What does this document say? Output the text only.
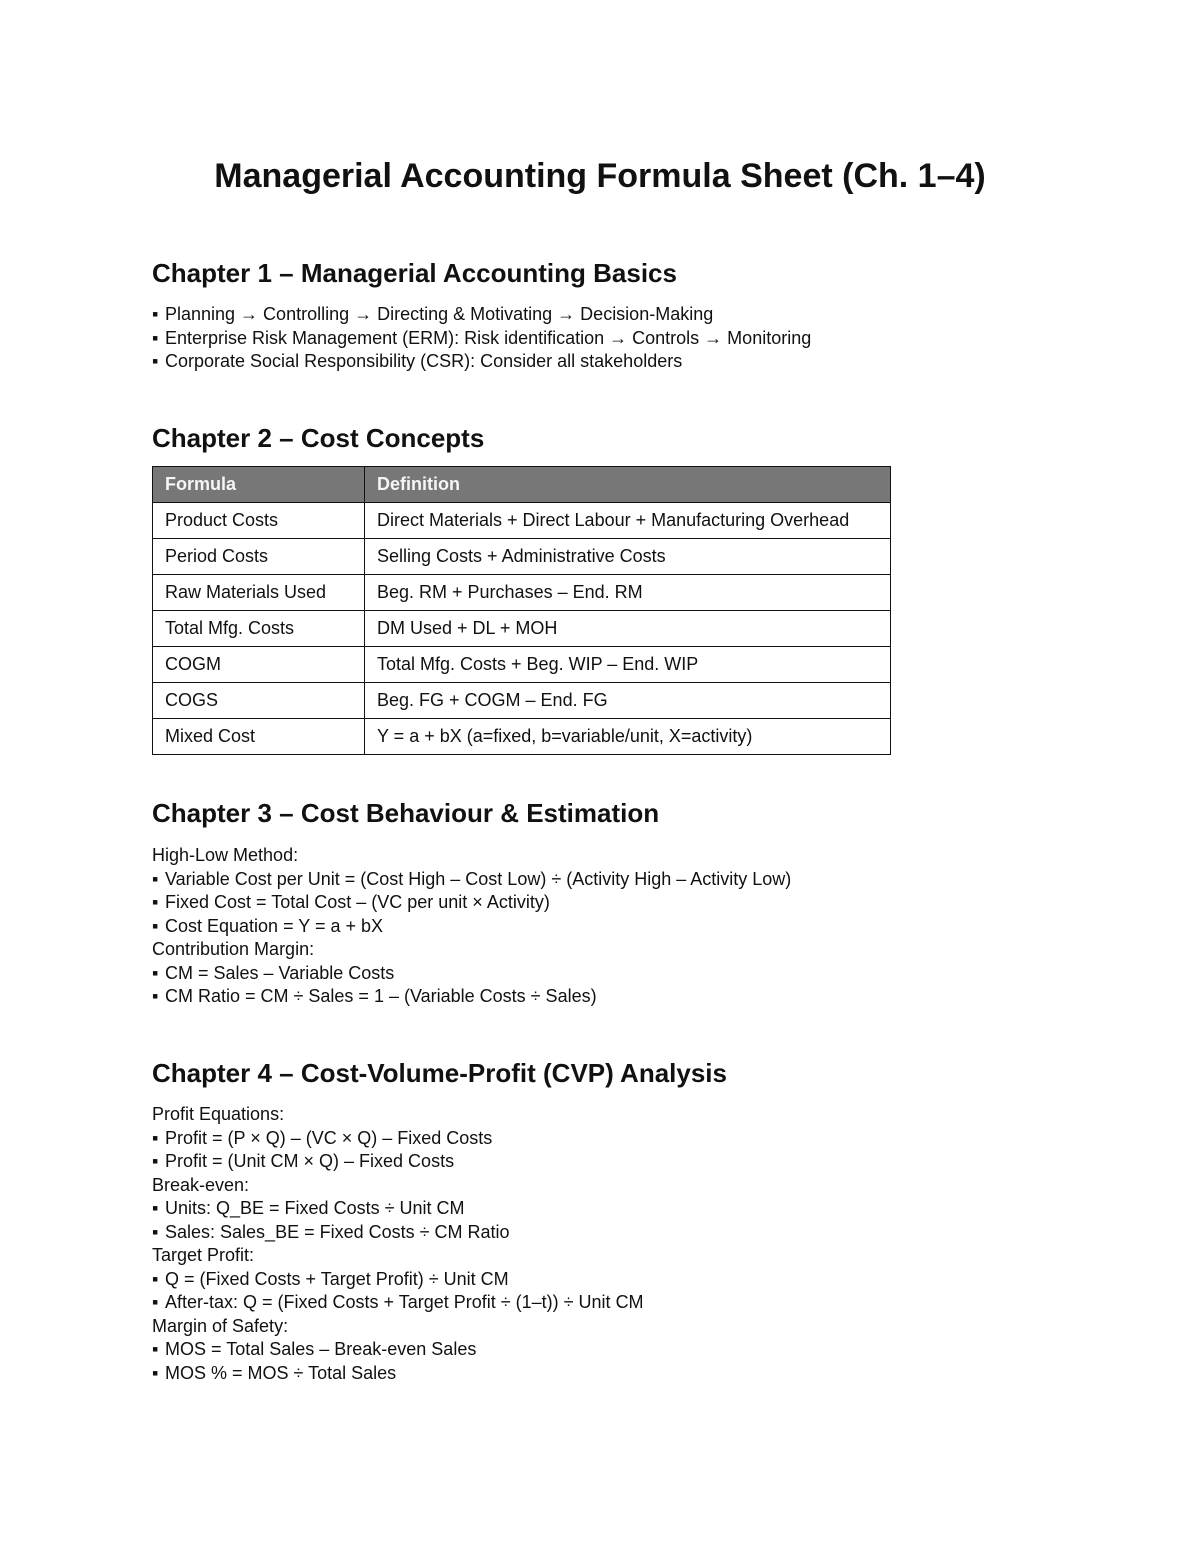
Managerial Accounting Formula Sheet (Ch. 1–4)
Chapter 1 – Managerial Accounting Basics
▪ Planning → Controlling → Directing & Motivating → Decision-Making
▪ Enterprise Risk Management (ERM): Risk identification → Controls → Monitoring
▪ Corporate Social Responsibility (CSR): Consider all stakeholders
Chapter 2 – Cost Concepts
Formula	Definition
Product Costs	Direct Materials + Direct Labour + Manufacturing Overhead
Period Costs	Selling Costs + Administrative Costs
Raw Materials Used	Beg. RM + Purchases – End. RM
Total Mfg. Costs	DM Used + DL + MOH
COGM	Total Mfg. Costs + Beg. WIP – End. WIP
COGS	Beg. FG + COGM – End. FG
Mixed Cost	Y = a + bX (a=fixed, b=variable/unit, X=activity)
Chapter 3 – Cost Behaviour & Estimation
High-Low Method:
▪ Variable Cost per Unit = (Cost High – Cost Low) ÷ (Activity High – Activity Low)
▪ Fixed Cost = Total Cost – (VC per unit × Activity)
▪ Cost Equation = Y = a + bX
Contribution Margin:
▪ CM = Sales – Variable Costs
▪ CM Ratio = CM ÷ Sales = 1 – (Variable Costs ÷ Sales)
Chapter 4 – Cost-Volume-Profit (CVP) Analysis
Profit Equations:
▪ Profit = (P × Q) – (VC × Q) – Fixed Costs
▪ Profit = (Unit CM × Q) – Fixed Costs
Break-even:
▪ Units: Q_BE = Fixed Costs ÷ Unit CM
▪ Sales: Sales_BE = Fixed Costs ÷ CM Ratio
Target Profit:
▪ Q = (Fixed Costs + Target Profit) ÷ Unit CM
▪ After-tax: Q = (Fixed Costs + Target Profit ÷ (1–t)) ÷ Unit CM
Margin of Safety:
▪ MOS = Total Sales – Break-even Sales
▪ MOS % = MOS ÷ Total Sales
